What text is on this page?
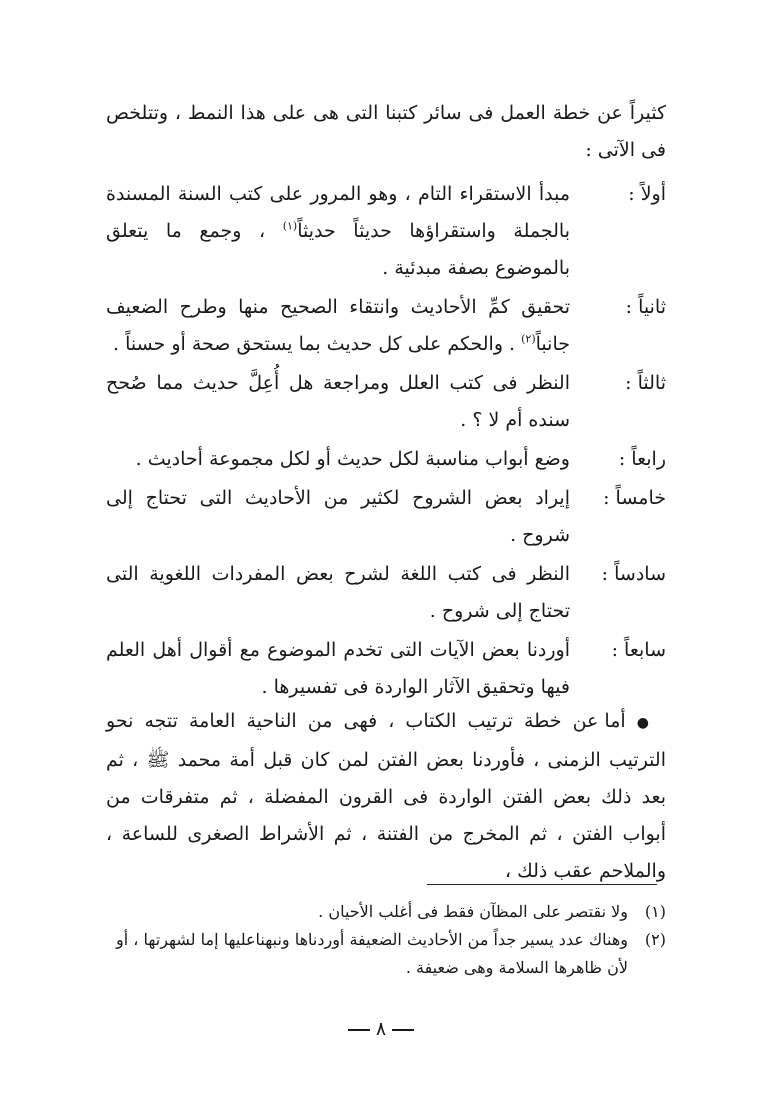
كثيراً عن خطة العمل فى سائر كتبنا التى هى على هذا النمط ، وتتلخص
فى الآتى :
أولاً :
مبدأ الاستقراء التام ، وهو المرور على كتب السنة المسندة بالجملة واستقراؤها حديثاً حديثاً$^{(١)}$ ، وجمع ما يتعلق بالموضوع بصفة مبدئية .
ثانياً :
تحقيق كمِّ الأحاديث وانتقاء الصحيح منها وطرح الضعيف جانباً$^{(٢)}$ . والحكم على كل حديث بما يستحق صحة أو حسناً .
ثالثاً :
النظر فى كتب العلل ومراجعة هل أُعِلَّ حديث مما صُحح سنده أم لا ؟ .
رابعاً :
وضع أبواب مناسبة لكل حديث أو لكل مجموعة أحاديث .
خامساً :
إيراد بعض الشروح لكثير من الأحاديث التى تحتاج إلى شروح .
سادساً :
النظر فى كتب اللغة لشرح بعض المفردات اللغوية التى تحتاج إلى شروح .
سابعاً :
أوردنا بعض الآيات التى تخدم الموضوع مع أقوال أهل العلم فيها وتحقيق الآثار الواردة فى تفسيرها .
● أما عن خطة ترتيب الكتاب ، فهى من الناحية العامة تتجه نحو الترتيب الزمنى ، فأوردنا بعض الفتن لمن كان قبل أمة محمد ﷺ ، ثم بعد ذلك بعض الفتن الواردة فى القرون المفضلة ، ثم متفرقات من أبواب الفتن ، ثم المخرج من الفتنة ، ثم الأشراط الصغرى للساعة ، والملاحم عقب ذلك ،
(١)
ولا نقتصر على المظآن فقط فى أغلب الأحيان .
(٢)
وهناك عدد يسير جداً من الأحاديث الضعيفة أوردناها ونبهناعليها إما لشهرتها ، أو لأن ظاهرها السلامة وهى ضعيفة .
٨
